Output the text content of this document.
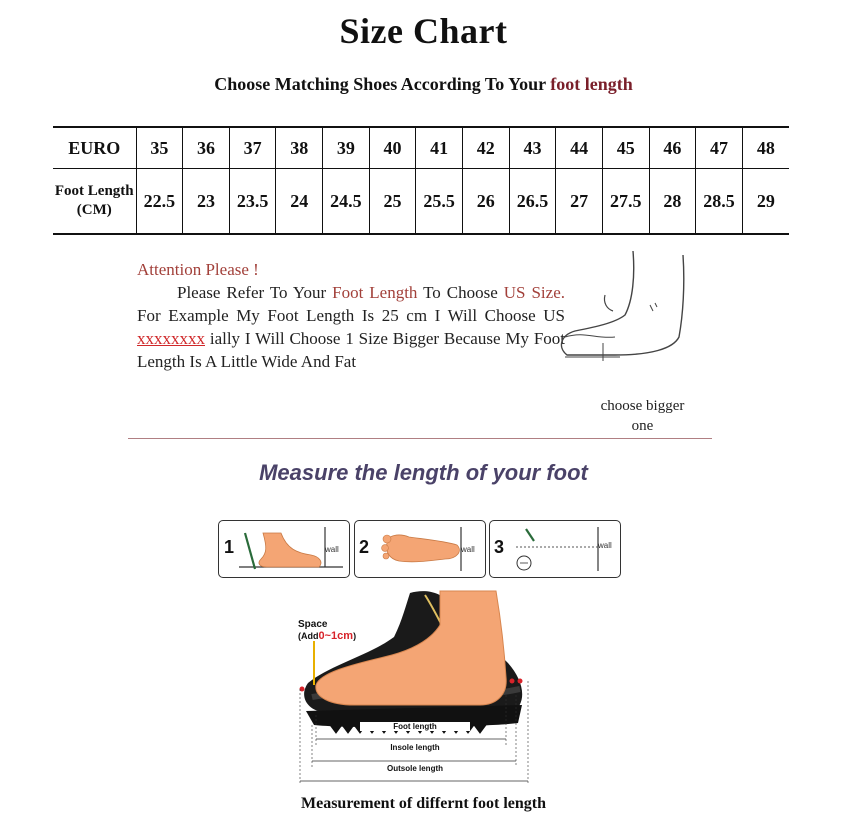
Size Chart
Choose Matching Shoes According To Your foot length
EURO	35	36	37	38	39	40	41	42	43	44	45	46	47	48
Foot Length (CM)	22.5	23	23.5	24	24.5	25	25.5	26	26.5	27	27.5	28	28.5	29
Attention Please !
Please Refer To Your Foot Length To Choose US Size. For Example My Foot Length Is 25 cm I Will Choose US xxxxxxxx ially I Will Choose 1 Size Bigger Because My Foot Length Is A Little Wide And Fat
choose bigger one
Measure the length of your foot
1	wall 2	wall 3	wall
Space
(Add0~1cm)
Foot length
Insole length
Outsole length
Measurement of differnt foot length
